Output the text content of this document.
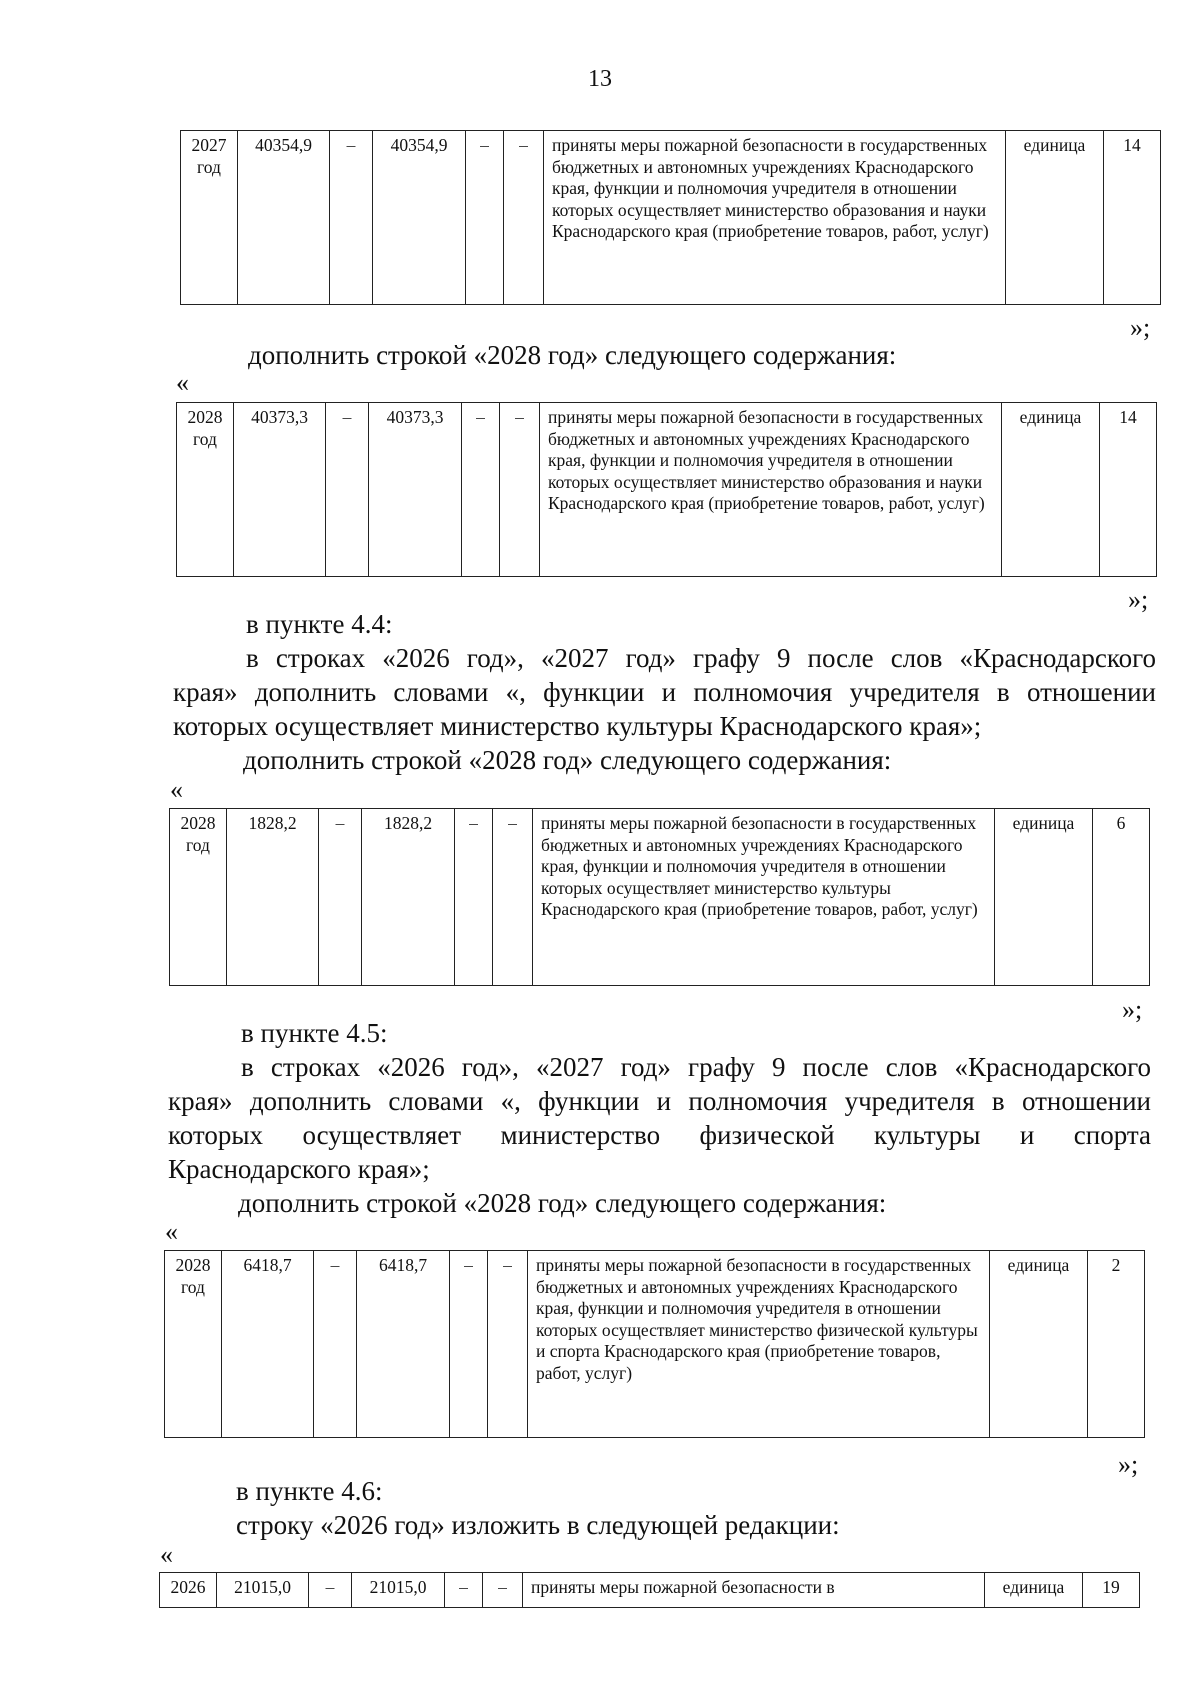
13
2027 год	40354,9	–	40354,9	–	–	приняты меры пожарной безопасности в государственных бюджетных и автономных учреждениях Краснодарского края, функции и полномочия учредителя в отношении которых осуществляет министерство образования и науки Краснодарского края (приобретение товаров, работ, услуг)	единица	14
»;
дополнить строкой «2028 год» следующего содержания:
«
2028 год	40373,3	–	40373,3	–	–	приняты меры пожарной безопасности в государственных бюджетных и автономных учреждениях Краснодарского края, функции и полномочия учредителя в отношении которых осуществляет министерство образования и науки Краснодарского края (приобретение товаров, работ, услуг)	единица	14
»;
в пункте 4.4:
в строках «2026 год», «2027 год» графу 9 после слов «Краснодарского
края» дополнить словами «, функции и полномочия учредителя в отношении
которых осуществляет министерство культуры Краснодарского края»;
дополнить строкой «2028 год» следующего содержания:
«
2028 год	1828,2	–	1828,2	–	–	приняты меры пожарной безопасности в государственных бюджетных и автономных учреждениях Краснодарского края, функции и полномочия учредителя в отношении которых осуществляет министерство культуры Краснодарского края (приобретение товаров, работ, услуг)	единица	6
»;
в пункте 4.5:
в строках «2026 год», «2027 год» графу 9 после слов «Краснодарского
края» дополнить словами «, функции и полномочия учредителя в отношении
которых осуществляет министерство физической культуры и спорта
Краснодарского края»;
дополнить строкой «2028 год» следующего содержания:
«
2028 год	6418,7	–	6418,7	–	–	приняты меры пожарной безопасности в государственных бюджетных и автономных учреждениях Краснодарского края, функции и полномочия учредителя в отношении которых осуществляет министерство физической культуры и спорта Краснодарского края (приобретение товаров, работ, услуг)	единица	2
»;
в пункте 4.6:
строку «2026 год» изложить в следующей редакции:
«
2026	21015,0	–	21015,0	–	–	приняты меры пожарной безопасности в	единица	19
